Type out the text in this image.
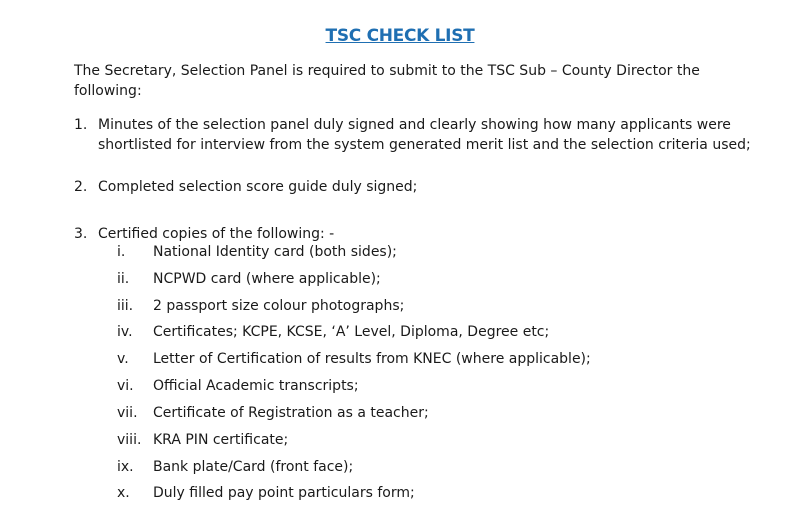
TSC CHECK LIST
The Secretary, Selection Panel is required to submit to the TSC Sub – County Director the following:
1. Minutes of the selection panel duly signed and clearly showing how many applicants were shortlisted for interview from the system generated merit list and the selection criteria used;
2. Completed selection score guide duly signed;
3. Certified copies of the following: -
i.	National Identity card (both sides);
ii.	NCPWD card (where applicable);
iii.	2 passport size colour photographs;
iv.	Certificates; KCPE, KCSE, ‘A’ Level, Diploma, Degree etc;
v.	Letter of Certification of results from KNEC (where applicable);
vi.	Official Academic transcripts;
vii.	Certificate of Registration as a teacher;
viii. KRA PIN certificate;
ix.	Bank plate/Card (front face);
x.	Duly filled pay point particulars form;
